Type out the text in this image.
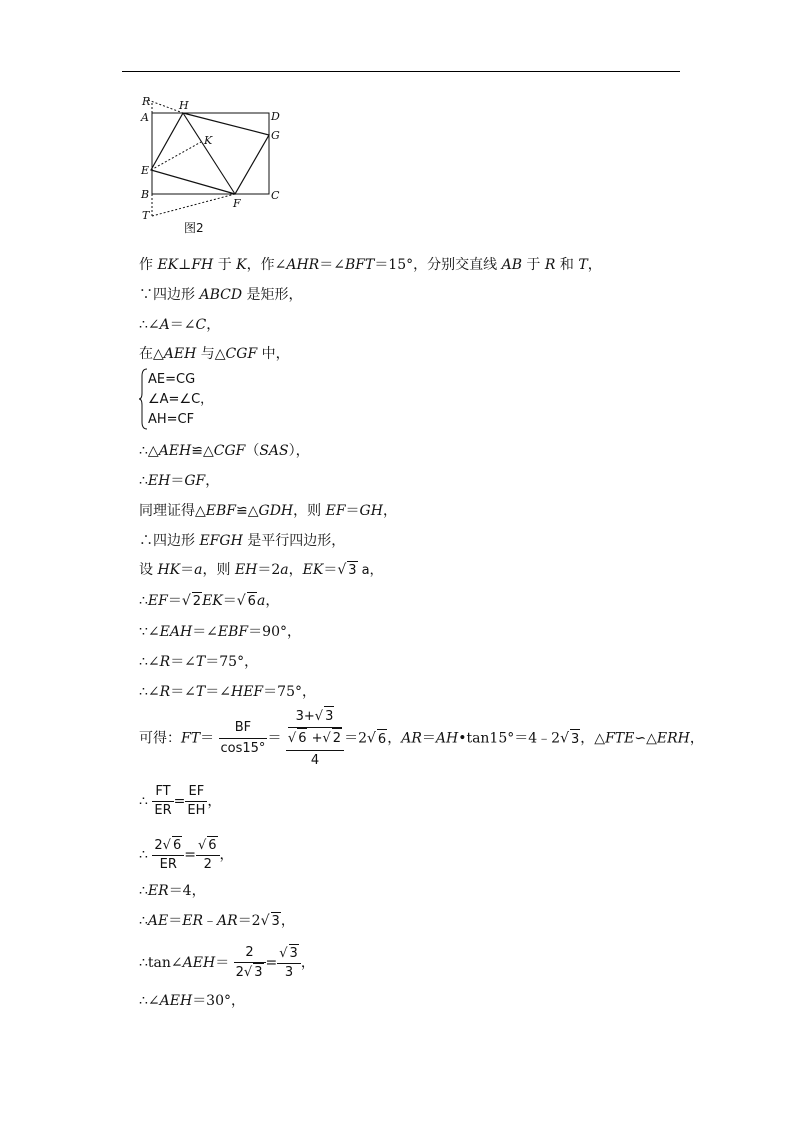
R	H
D
A
K	G
E
B	C
F
T
图2
作 EK⊥FH 于 K，作∠AHR＝∠BFT＝15°，分别交直线 AB 于 R 和 T，
∵四边形 ABCD 是矩形，
∴∠A＝∠C，
在△AEH 与△CGF 中，
AE=CG
∠A=∠C，
AH=CF
∴△AEH≌△CGF（SAS），
∴EH＝GF，
同理证得△EBF≌△GDH，则 EF＝GH，
∴四边形 EFGH 是平行四边形，
设 HK＝a，则 EH＝2a，EK＝√ 3 a，
∴EF＝√ 2EK＝√ 6a，
∵∠EAH＝∠EBF＝90°，
∴∠R＝∠T＝75°，
∴∠R＝∠T＝∠HEF＝75°，
可得：$FT= \frac{BF}{\cos 15^\circ} = 3+√$ 3
√ 6 +√ 2
4 ＝2√ 6，AR＝AH•tan15°＝4﹣2√ 3，△FTE∽△ERH，
∴ $\frac{FT}{ER} = \frac{EF}{EH}$ ，
∴ $\frac{2√ 6}{ER} = \frac{√ 6}{2}$ ，
∴ER＝4，
∴AE＝ER﹣AR＝2√ 3，
∴tan∠AEH＝ $\frac{2}{2√ 3} = \frac{√ 3}{3}$ ，
∴∠AEH＝30°，
